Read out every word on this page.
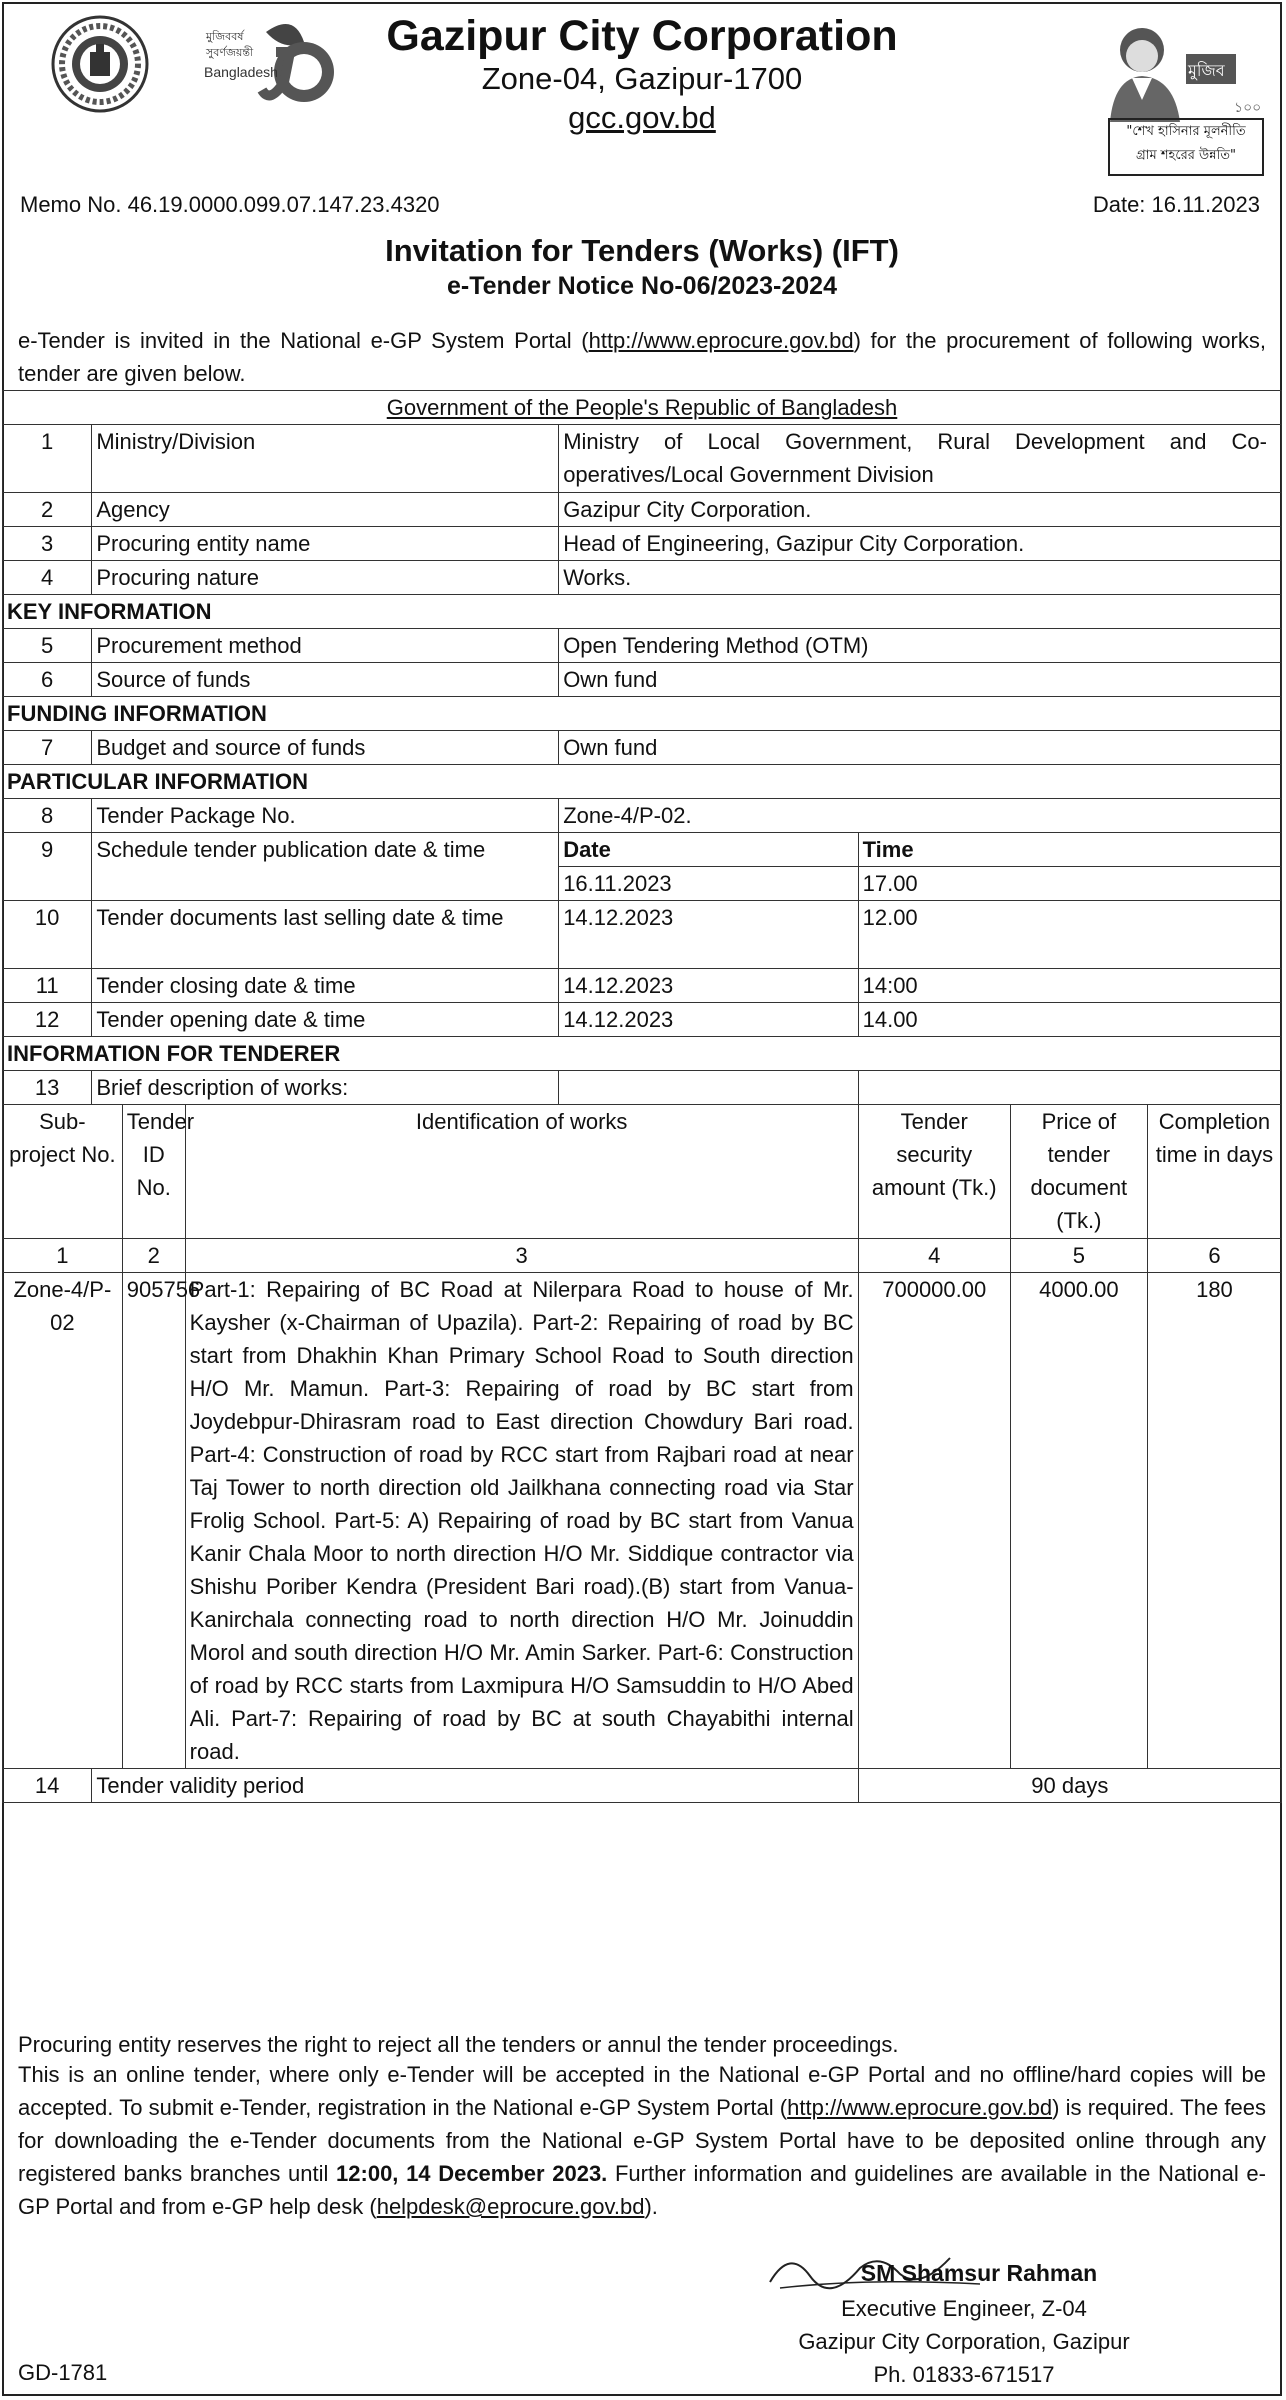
মুজিববর্ষ
সুবর্ণজয়ন্তী
Bangladesh
Gazipur City Corporation
Zone-04, Gazipur-1700
gcc.gov.bd
মুজিব
১০০
"শেখ হাসিনার মূলনীতি
গ্রাম শহরের উন্নতি"
Memo No. 46.19.0000.099.07.147.23.4320	Date: 16.11.2023
Invitation for Tenders (Works) (IFT)
e-Tender Notice No-06/2023-2024
e-Tender is invited in the National e-GP System Portal (http://www.eprocure.gov.bd) for the procurement of following works, tender are given below.
Government of the People's Republic of Bangladesh							
1	Ministry/Division			Ministry of Local Government, Rural Development and Co-operatives/Local Government Division			
2	Agency			Gazipur City Corporation.			
3	Procuring entity name			Head of Engineering, Gazipur City Corporation.			
4	Procuring nature			Works.			
KEY INFORMATION							
5	Procurement method			Open Tendering Method (OTM)			
6	Source of funds			Own fund			
FUNDING INFORMATION							
7	Budget and source of funds			Own fund			
PARTICULAR INFORMATION							
8	Tender Package No.			Zone-4/P-02.			
9	Schedule tender publication date & time			Date	Time		
				16.11.2023	17.00		
10	Tender documents last selling date & time			14.12.2023	12.00		
11	Tender closing date & time			14.12.2023	14:00		
12	Tender opening date & time			14.12.2023	14.00		
INFORMATION FOR TENDERER							
13	Brief description of works:						
Sub-project No.		Tender ID No.	Identification of works		Tender security amount (Tk.)	Price of tender document (Tk.)	Completion time in days
1		2	3		4	5	6
Zone-4/P-02		905756	Part-1: Repairing of BC Road at Nilerpara Road to house of Mr. Kaysher (x-Chairman of Upazila). Part-2: Repairing of road by BC start from Dhakhin Khan Primary School Road to South direction H/O Mr. Mamun. Part-3: Repairing of road by BC start from Joydebpur-Dhirasram road to East direction Chowdury Bari road. Part-4: Construction of road by RCC start from Rajbari road at near Taj Tower to north direction old Jailkhana connecting road via Star Frolig School. Part-5: A) Repairing of road by BC start from Vanua Kanir Chala Moor to north direction H/O Mr. Siddique contractor via Shishu Poriber Kendra (President Bari road).(B) start from Vanua-Kanirchala connecting road to north direction H/O Mr. Joinuddin Morol and south direction H/O Mr. Amin Sarker. Part-6: Construction of road by RCC starts from Laxmipura H/O Samsuddin to H/O Abed Ali. Part-7: Repairing of road by BC at south Chayabithi internal road.		700000.00	4000.00	180
14	Tender validity period				90 days		
Procuring entity reserves the right to reject all the tenders or annul the tender proceedings.
This is an online tender, where only e-Tender will be accepted in the National e-GP Portal and no offline/hard copies will be accepted. To submit e-Tender, registration in the National e-GP System Portal (http://www.eprocure.gov.bd) is required. The fees for downloading the e-Tender documents from the National e-GP System Portal have to be deposited online through any registered banks branches until 12:00, 14 December 2023. Further information and guidelines are available in the National e-GP Portal and from e-GP help desk (helpdesk@eprocure.gov.bd).
SM Shamsur Rahman
Executive Engineer, Z-04
Gazipur City Corporation, Gazipur
Ph. 01833-671517
GD-1781
